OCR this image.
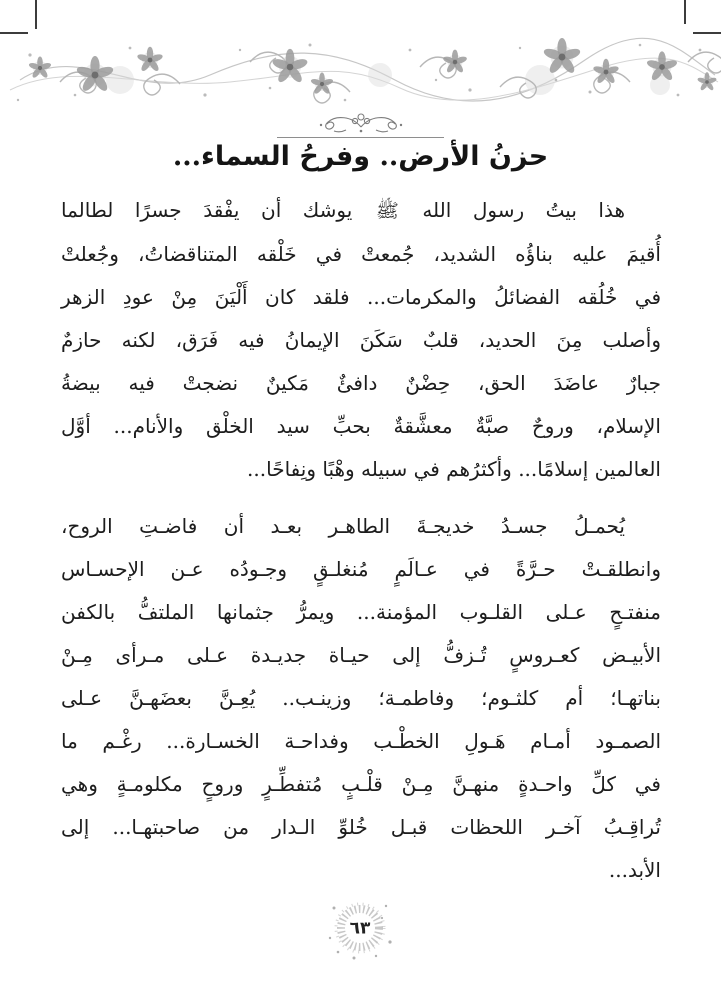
حزنُ الأرض.. وفرحُ السماء...

هذا بيتُ رسول الله ﷺ يوشك أن يفْقدَ جسرًا لطالما
أُقيمَ عليه بناؤُه الشديد، جُمعتْ في خَلْقه المتناقضاتُ، وجُعلتْ
في خُلُقه الفضائلُ والمكرمات... فلقد كان أَلْيَنَ مِنْ عودِ الزهر
وأصلب مِنَ الحديد، قلبٌ سَكَنَ الإيمانُ فيه فَرَق، لكنه حازمٌ
جبارٌ عاضَدَ الحق، حِضْنٌ دافئٌ مَكينٌ نضجتْ فيه بيضةُ
الإسلام، وروحٌ صبَّةٌ معشَّقةٌ بحبِّ سيد الخلْق والأنام... أوَّل
العالمين إسلامًا... وأكثرُهم في سبيله وهْبًا ونِفاحًا...

يُحمـلُ جسـدُ خديجـةَ الطاهـر بعـد أن فاضـتِ الروح،
وانطلقـتْ حـرَّةً في عـالَمٍ مُنغلـقٍ وجـودُه عـن الإحسـاس
منفتـحٍ عـلى القلـوب المؤمنة... ويمرُّ جثمانها الملتفُّ بالكفن
الأبيـض كعـروسٍ تُـزفُّ إلى حيـاة جديـدة عـلى مـرأى مِـنْ
بناتهـا؛ أم كلثـوم؛ وفاطمـة؛ وزينـب.. يُعِـنَّ بعضَهـنَّ عـلى
الصمـود أمـام هَـولِ الخطْـب وفداحـة الخسـارة... رغْـم ما
في كلِّ واحـدةٍ منهـنَّ مِـنْ قلْـبٍ مُتفطِّـرٍ وروحٍ مكلومـةٍ وهي
تُراقِـبُ آخـر اللحظات قبـل خُلوِّ الـدار من صاحبتهـا... إلى
الأبد...

٦٣
